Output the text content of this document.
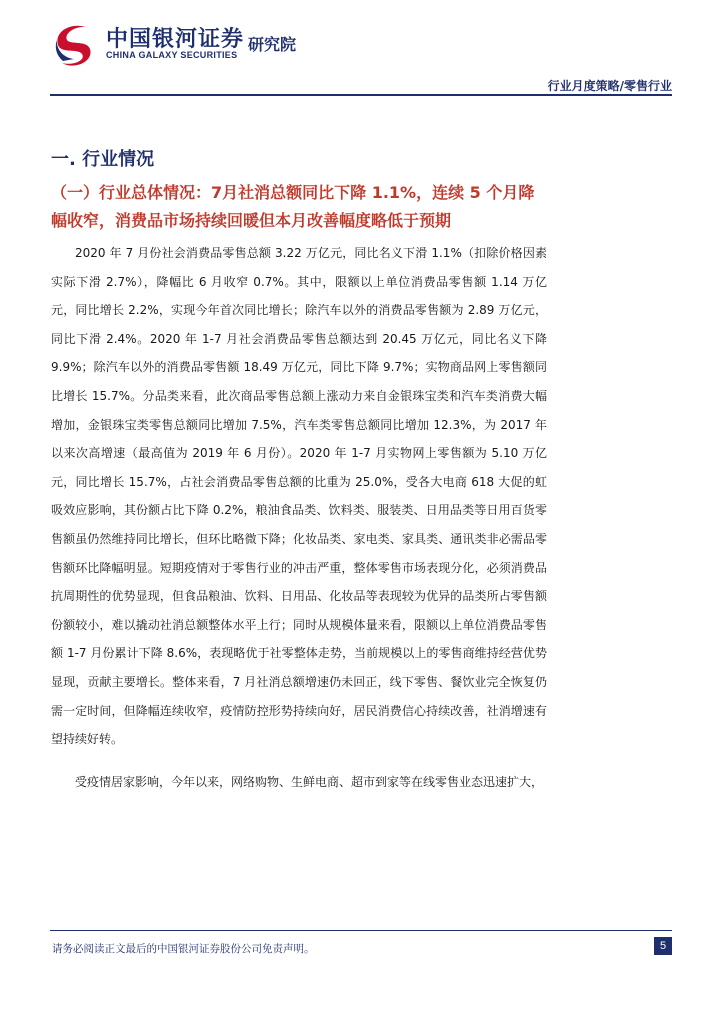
中国银河证券
CHINA GALAXY SECURITIES
研究院
行业月度策略/零售行业
一. 行业情况
（一）行业总体情况：7月社消总额同比下降 1.1%，连续 5 个月降幅收窄，消费品市场持续回暖但本月改善幅度略低于预期

2020 年 7 月份社会消费品零售总额 3.22 万亿元，同比名义下滑 1.1%（扣除价格因素实际下滑 2.7%），降幅比 6 月收窄 0.7%。其中，限额以上单位消费品零售额 1.14 万亿元，同比增长 2.2%，实现今年首次同比增长；除汽车以外的消费品零售额为 2.89 万亿元，同比下滑 2.4%。2020 年 1-7 月社会消费品零售总额达到 20.45 万亿元，同比名义下降 9.9%；除汽车以外的消费品零售额 18.49 万亿元，同比下降 9.7%；实物商品网上零售额同比增长 15.7%。分品类来看，此次商品零售总额上涨动力来自金银珠宝类和汽车类消费大幅增加，金银珠宝类零售总额同比增加 7.5%，汽车类零售总额同比增加 12.3%，为 2017 年以来次高增速（最高值为 2019 年 6 月份）。2020 年 1-7 月实物网上零售额为 5.10 万亿元，同比增长 15.7%，占社会消费品零售总额的比重为 25.0%，受各大电商 618 大促的虹吸效应影响，其份额占比下降 0.2%，粮油食品类、饮料类、服装类、日用品类等日用百货零售额虽仍然维持同比增长，但环比略微下降；化妆品类、家电类、家具类、通讯类非必需品零售额环比降幅明显。短期疫情对于零售行业的冲击严重，整体零售市场表现分化，必须消费品抗周期性的优势显现，但食品粮油、饮料、日用品、化妆品等表现较为优异的品类所占零售额份额较小，难以撬动社消总额整体水平上行；同时从规模体量来看，限额以上单位消费品零售额 1-7 月份累计下降 8.6%，表现略优于社零整体走势，当前规模以上的零售商维持经营优势显现，贡献主要增长。整体来看，7 月社消总额增速仍未回正，线下零售、餐饮业完全恢复仍需一定时间，但降幅连续收窄，疫情防控形势持续向好，居民消费信心持续改善，社消增速有望持续好转。

受疫情居家影响，今年以来，网络购物、生鲜电商、超市到家等在线零售业态迅速扩大，

请务必阅读正文最后的中国银河证券股份公司免责声明。	5
